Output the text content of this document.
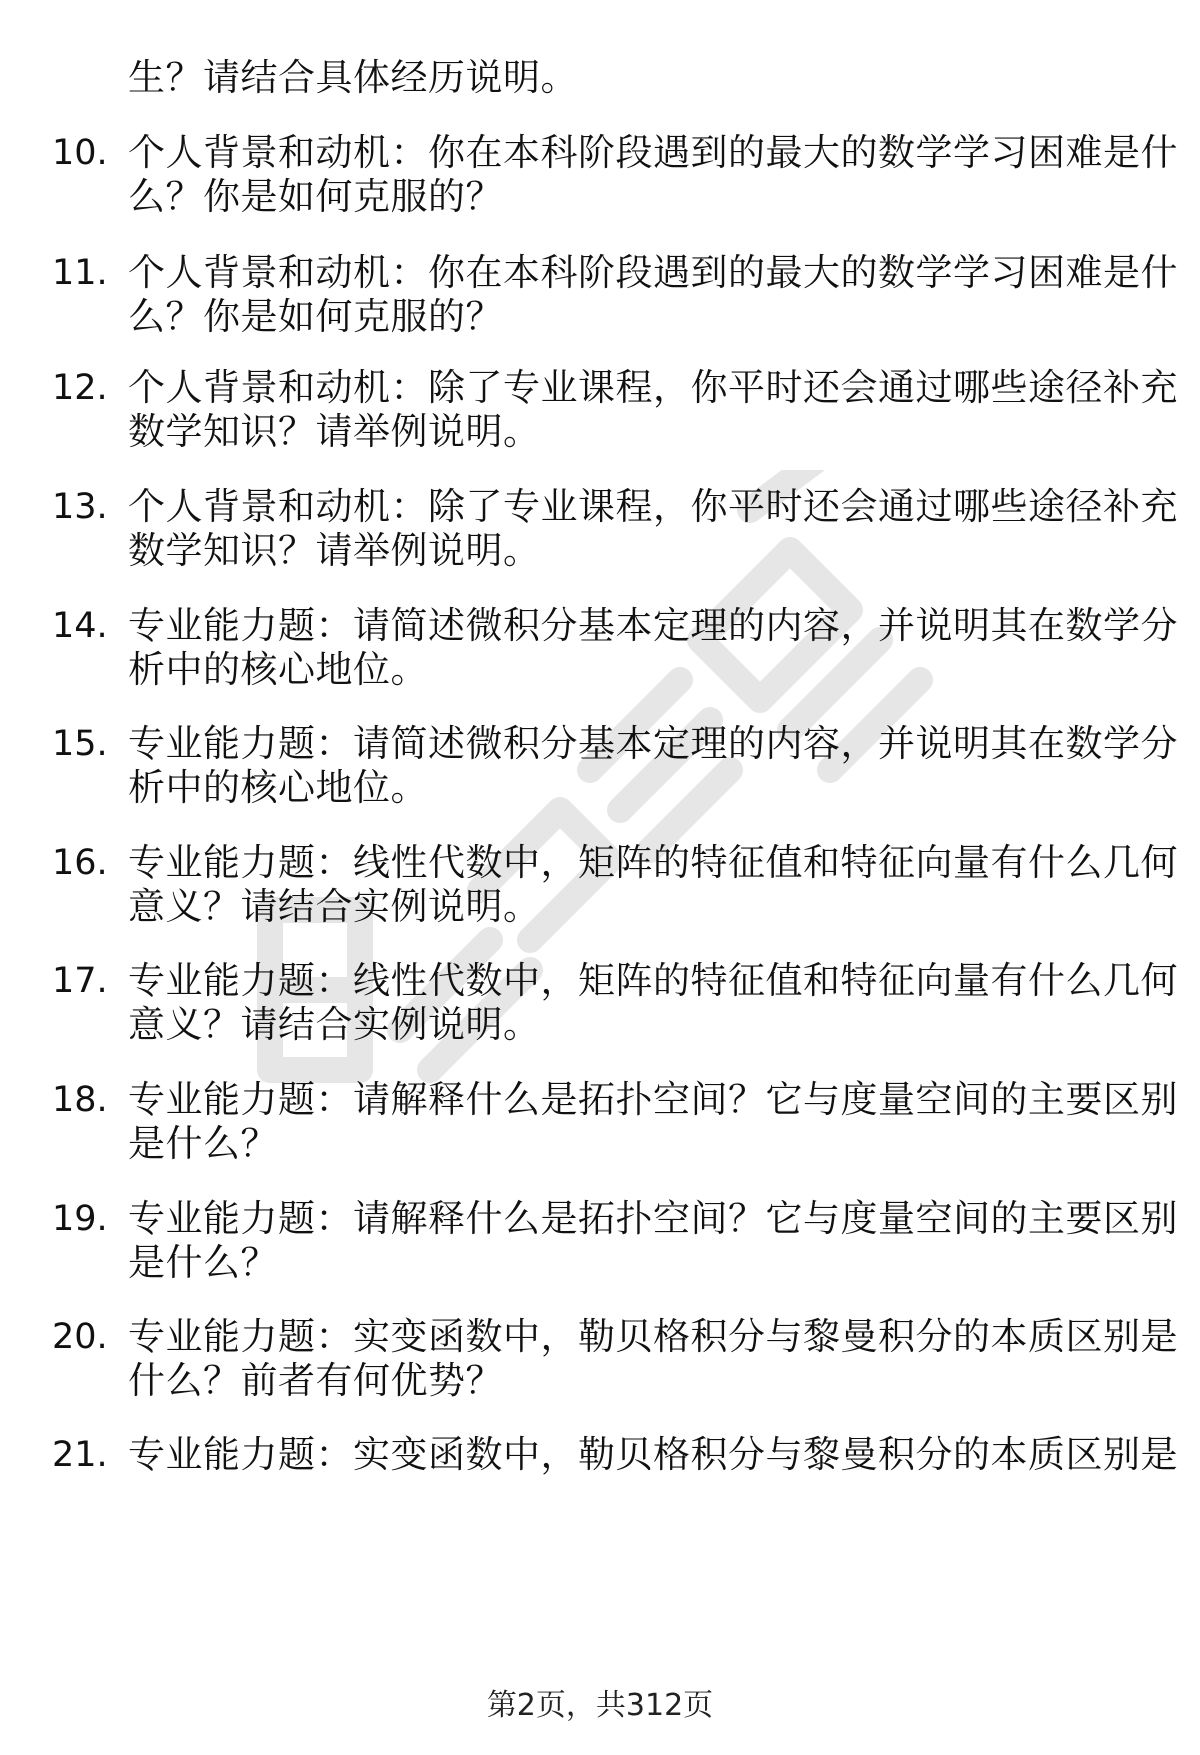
生？请结合具体经历说明。
10. 个人背景和动机：你在本科阶段遇到的最大的数学学习困难是什
么？你是如何克服的？
11. 个人背景和动机：你在本科阶段遇到的最大的数学学习困难是什
么？你是如何克服的？
12. 个人背景和动机：除了专业课程，你平时还会通过哪些途径补充
数学知识？请举例说明。
13. 个人背景和动机：除了专业课程，你平时还会通过哪些途径补充
数学知识？请举例说明。
14. 专业能力题：请简述微积分基本定理的内容，并说明其在数学分
析中的核心地位。
15. 专业能力题：请简述微积分基本定理的内容，并说明其在数学分
析中的核心地位。
16. 专业能力题：线性代数中，矩阵的特征值和特征向量有什么几何
意义？请结合实例说明。
17. 专业能力题：线性代数中，矩阵的特征值和特征向量有什么几何
意义？请结合实例说明。
18. 专业能力题：请解释什么是拓扑空间？它与度量空间的主要区别
是什么？
19. 专业能力题：请解释什么是拓扑空间？它与度量空间的主要区别
是什么？
20. 专业能力题：实变函数中，勒贝格积分与黎曼积分的本质区别是
什么？前者有何优势？
21. 专业能力题：实变函数中，勒贝格积分与黎曼积分的本质区别是
第2页，共312页
